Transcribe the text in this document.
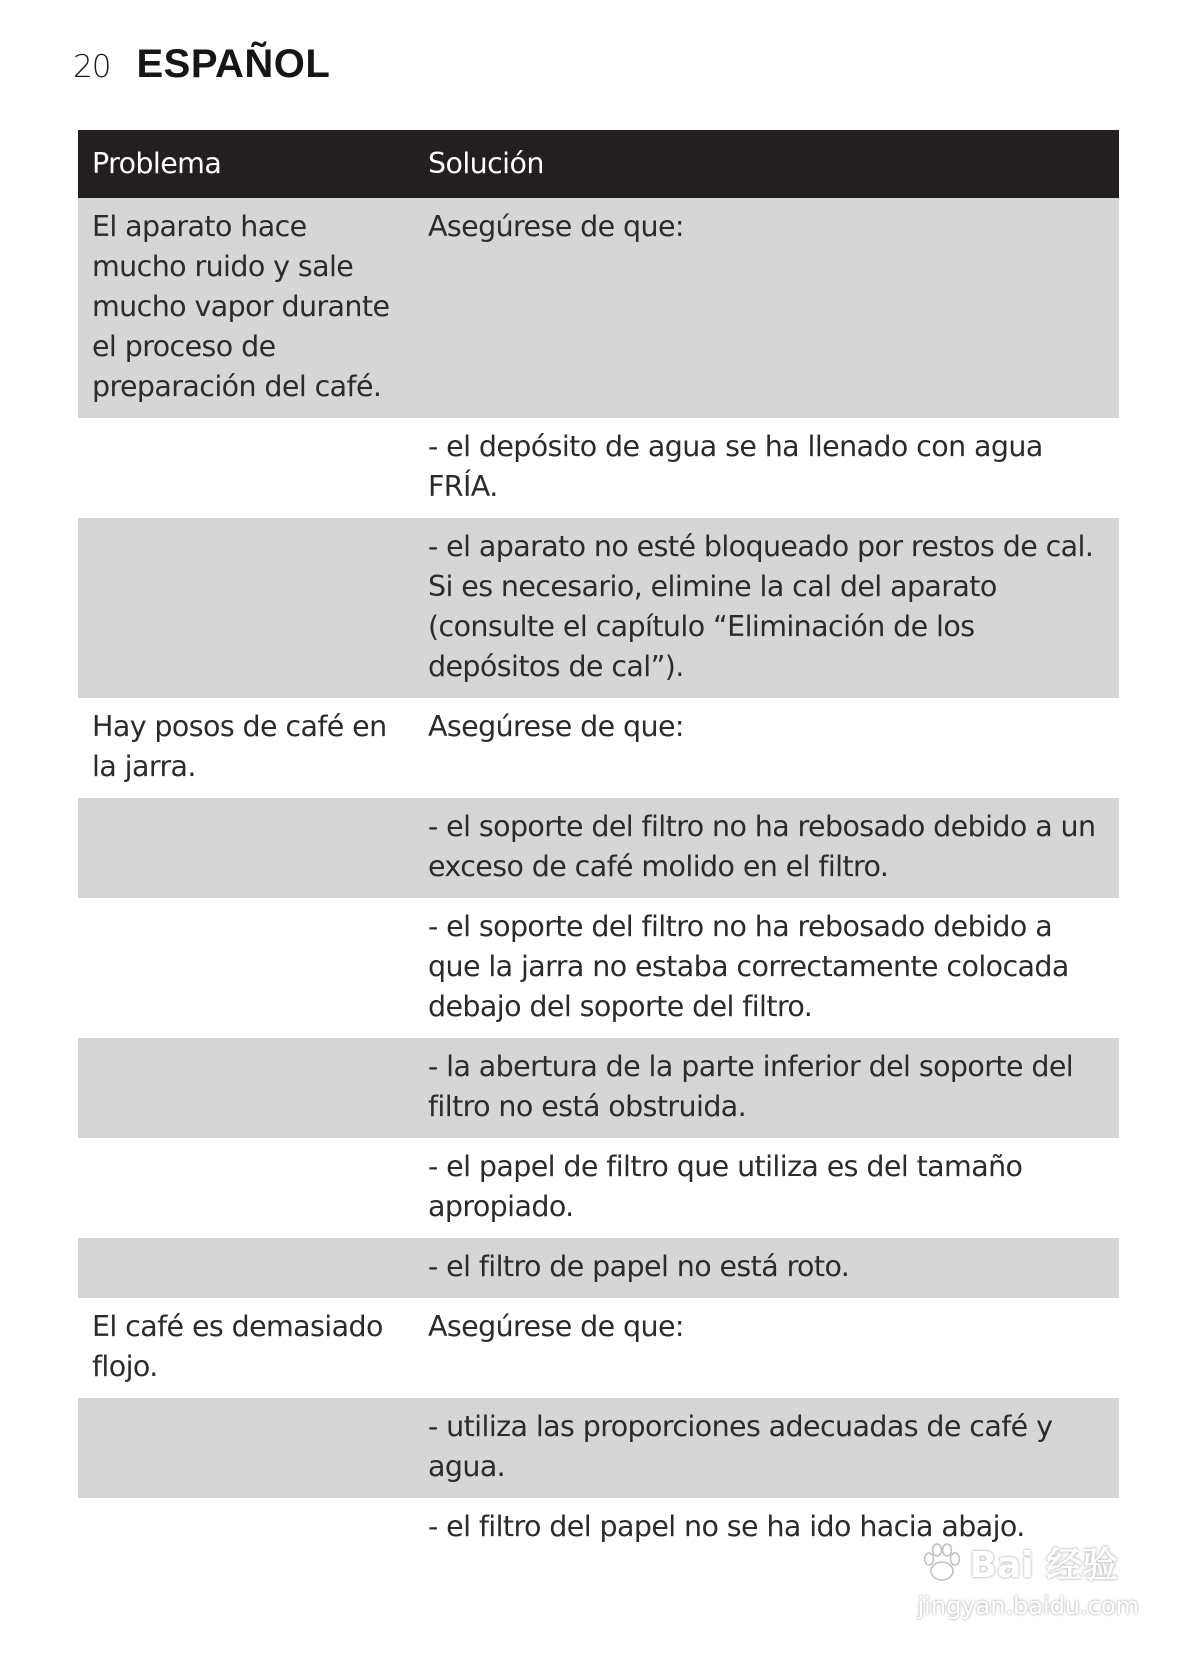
20 ESPAÑOL
Problema	Solución
El aparato hace mucho ruido y sale mucho vapor durante el proceso de preparación del café.	Asegúrese de que:
	- el depósito de agua se ha llenado con agua FRÍA.
	- el aparato no esté bloqueado por restos de cal. Si es necesario, elimine la cal del aparato (consulte el capítulo “Eliminación de los depósitos de cal”).
Hay posos de café en la jarra.	Asegúrese de que:
	- el soporte del filtro no ha rebosado debido a un exceso de café molido en el filtro.
	- el soporte del filtro no ha rebosado debido a que la jarra no estaba correctamente colocada debajo del soporte del filtro.
	- la abertura de la parte inferior del soporte del filtro no está obstruida.
	- el papel de filtro que utiliza es del tamaño apropiado.
	- el filtro de papel no está roto.
El café es demasiado flojo.	Asegúrese de que:
	- utiliza las proporciones adecuadas de café y agua.
	- el filtro del papel no se ha ido hacia abajo.
Bai 经验
jingyan.baidu.com
